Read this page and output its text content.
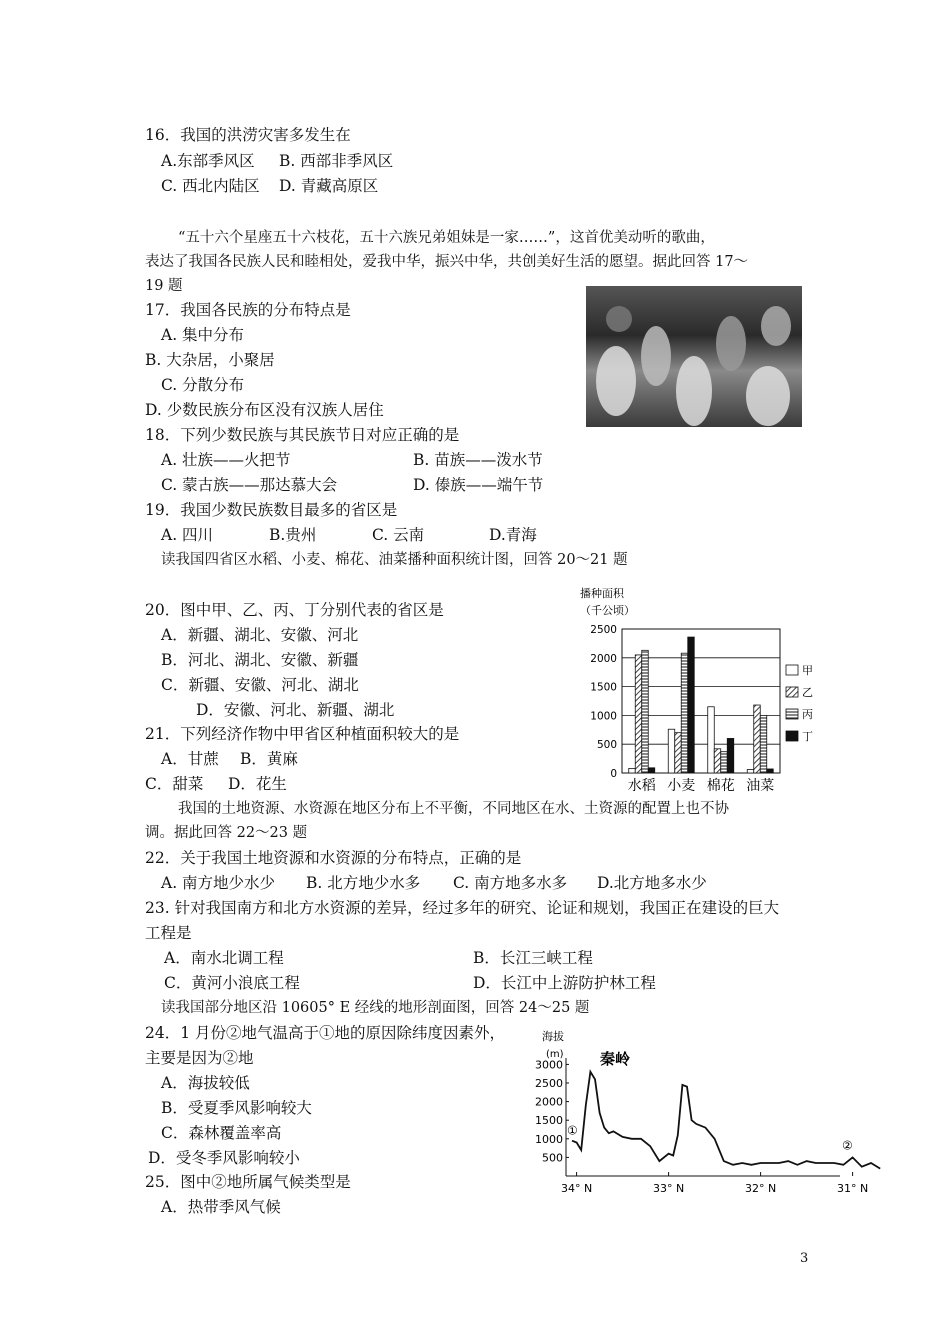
16．我国的洪涝灾害多发生在
A.东部季风区 B. 西部非季风区
C. 西北内陆区 D. 青藏高原区
“五十六个星座五十六枝花，五十六族兄弟姐妹是一家……”，这首优美动听的歌曲，
表达了我国各民族人民和睦相处，爱我中华，振兴中华，共创美好生活的愿望。据此回答 17～
19 题
17．我国各民族的分布特点是
A. 集中分布
B. 大杂居，小聚居
C. 分散分布
D. 少数民族分布区没有汉族人居住
18．下列少数民族与其民族节日对应正确的是
A. 壮族——火把节	B. 苗族——泼水节
C. 蒙古族——那达慕大会	D. 傣族——端午节
19．我国少数民族数目最多的省区是
A. 四川	B.贵州	C. 云南	D.青海
读我国四省区水稻、小麦、棉花、油菜播种面积统计图，回答 20～21 题
20．图中甲、乙、丙、丁分别代表的省区是
A．新疆、湖北、安徽、河北
B．河北、湖北、安徽、新疆
C．新疆、安徽、河北、湖北
D．安徽、河北、新疆、湖北
21．下列经济作物中甲省区种植面积较大的是
A．甘蔗 B．黄麻
C．甜菜 D．花生
播种面积
（千公顷）
0
500
1000
1500
2000
2500
水稻 小麦 棉花 油菜
甲
乙
丙
丁
我国的土地资源、水资源在地区分布上不平衡，不同地区在水、土资源的配置上也不协
调。据此回答 22～23 题
22．关于我国土地资源和水资源的分布特点，正确的是
A. 南方地少水少 B. 北方地少水多 C. 南方地多水多 D.北方地多水少
23. 针对我国南方和北方水资源的差异，经过多年的研究、论证和规划，我国正在建设的巨大
工程是
A．南水北调工程	B．长江三峡工程
C．黄河小浪底工程	D．长江中上游防护林工程
读我国部分地区沿 10605° E 经线的地形剖面图，回答 24～25 题
24．1 月份②地气温高于①地的原因除纬度因素外，
主要是因为②地
A．海拔较低
B．受夏季风影响较大
C．森林覆盖率高
D．受冬季风影响较小
25．图中②地所属气候类型是
A．热带季风气候
海拔
(m) 秦岭
500
1000
1500
2000
2500
3000
34° N	33° N	32° N	31° N
①
②
3
